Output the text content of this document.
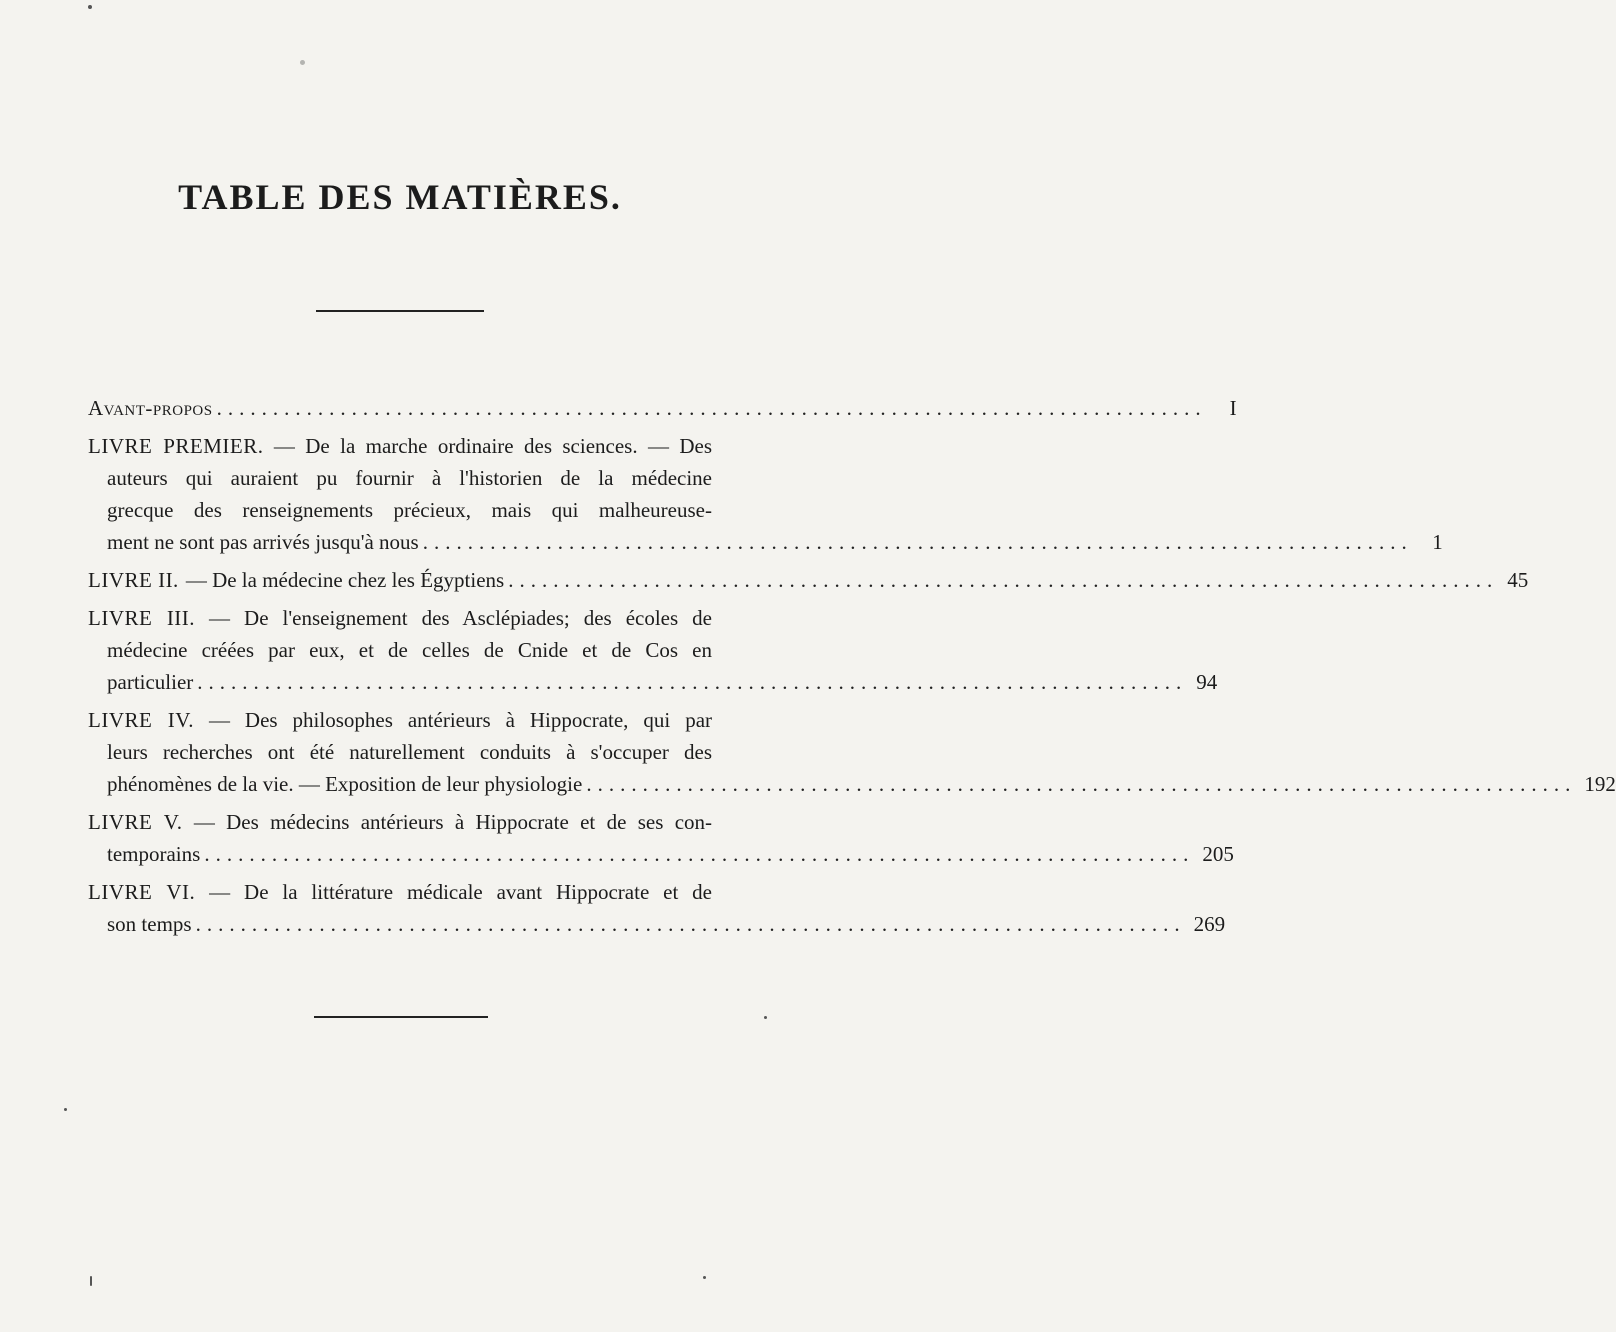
TABLE DES MATIÈRES.
Avant-propos ........................................................................................	I
LIVRE PREMIER. — De la marche ordinaire des sciences. — Des
auteurs qui auraient pu fournir à l'historien de la médecine
grecque des renseignements précieux, mais qui malheureuse-
ment ne sont pas arrivés jusqu'à nous ........................................................................................ 1
LIVRE II. — De la médecine chez les Égyptiens ........................................................................................ 45
LIVRE III. — De l'enseignement des Asclépiades; des écoles de
médecine créées par eux, et de celles de Cnide et de Cos en
particulier ........................................................................................ 94
LIVRE IV. — Des philosophes antérieurs à Hippocrate, qui par
leurs recherches ont été naturellement conduits à s'occuper des
phénomènes de la vie. — Exposition de leur physiologie ........................................................................................ 192
LIVRE V. — Des médecins antérieurs à Hippocrate et de ses con-
temporains ........................................................................................ 205
LIVRE VI. — De la littérature médicale avant Hippocrate et de
son temps ........................................................................................ 269
